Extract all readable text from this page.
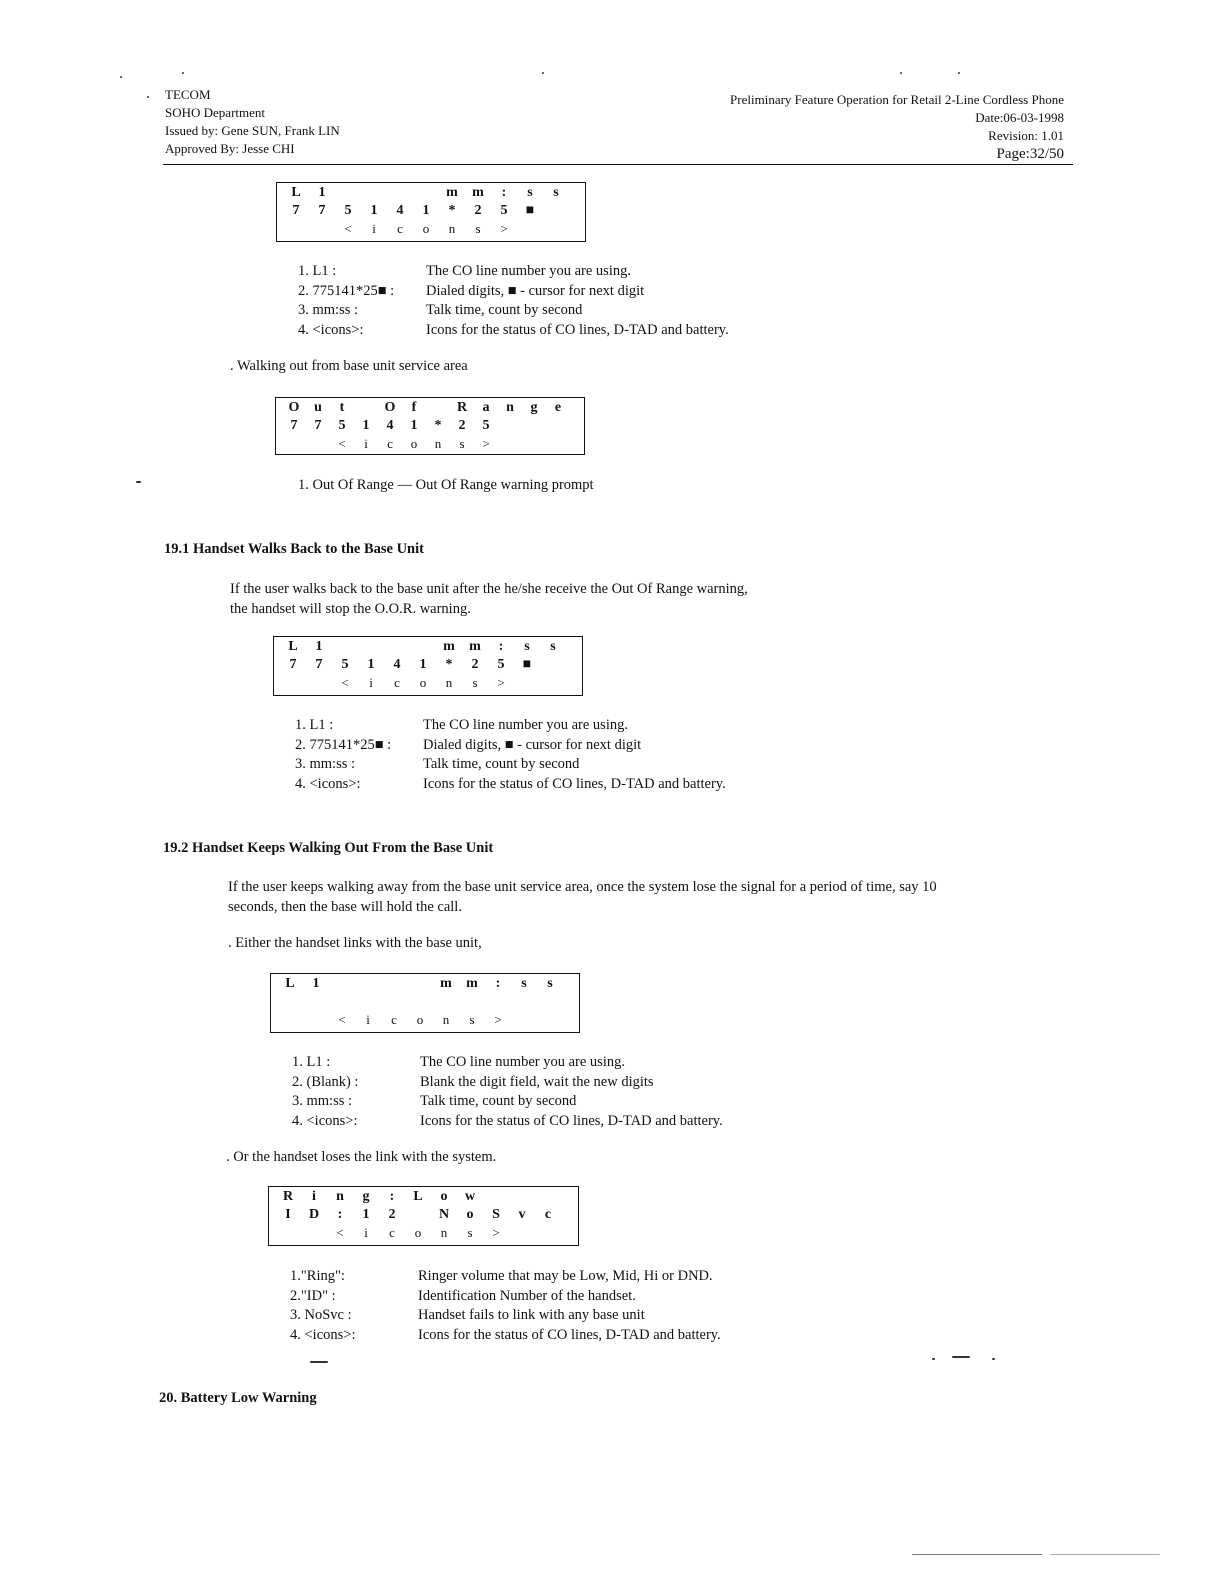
TECOM
SOHO Department
Issued by: Gene SUN, Frank LIN
Approved By: Jesse CHI
Preliminary Feature Operation for Retail 2-Line Cordless Phone
Date:06-03-1998
Revision: 1.01
Page:32/50
L	1	m	m	:	s	s
7	7	5	1	4	1	*	2	5	■
<	i	c	o	n	s	>
1. L1 :	The CO line number you are using.
2. 775141*25■ :	Dialed digits, ■ - cursor for next digit
3. mm:ss :	Talk time, count by second
4. <icons>:	Icons for the status of CO lines, D-TAD and battery.
. Walking out from base unit service area
O	u	t	O	f	R	a	n	g	e
7	7	5	1	4	1	*	2	5
<	i	c	o	n	s	>
1. Out Of Range — Out Of Range warning prompt
19.1 Handset Walks Back to the Base Unit
If the user walks back to the base unit after the he/she receive the Out Of Range warning,
the handset will stop the O.O.R. warning.
L	1	m	m	:	s	s
7	7	5	1	4	1	*	2	5	■
<	i	c	o	n	s	>
1. L1 :	The CO line number you are using.
2. 775141*25■ :	Dialed digits, ■ - cursor for next digit
3. mm:ss :	Talk time, count by second
4. <icons>:	Icons for the status of CO lines, D-TAD and battery.
19.2 Handset Keeps Walking Out From the Base Unit
If the user keeps walking away from the base unit service area, once the system lose the signal for a period of time, say 10
seconds, then the base will hold the call.
. Either the handset links with the base unit,
L	1	m	m	:	s	s
<	i	c	o	n	s	>
1. L1 :	The CO line number you are using.
2. (Blank) :	Blank the digit field, wait the new digits
3. mm:ss :	Talk time, count by second
4. <icons>:	Icons for the status of CO lines, D-TAD and battery.
. Or the handset loses the link with the system.
R	i	n	g	:	L	o	w
I	D	:	1	2	N	o	S	v	c
<	i	c	o	n	s	>
1."Ring":	Ringer volume that may be Low, Mid, Hi or DND.
2."ID" :	Identification Number of the handset.
3. NoSvc :	Handset fails to link with any base unit
4. <icons>:	Icons for the status of CO lines, D-TAD and battery.
20. Battery Low Warning
